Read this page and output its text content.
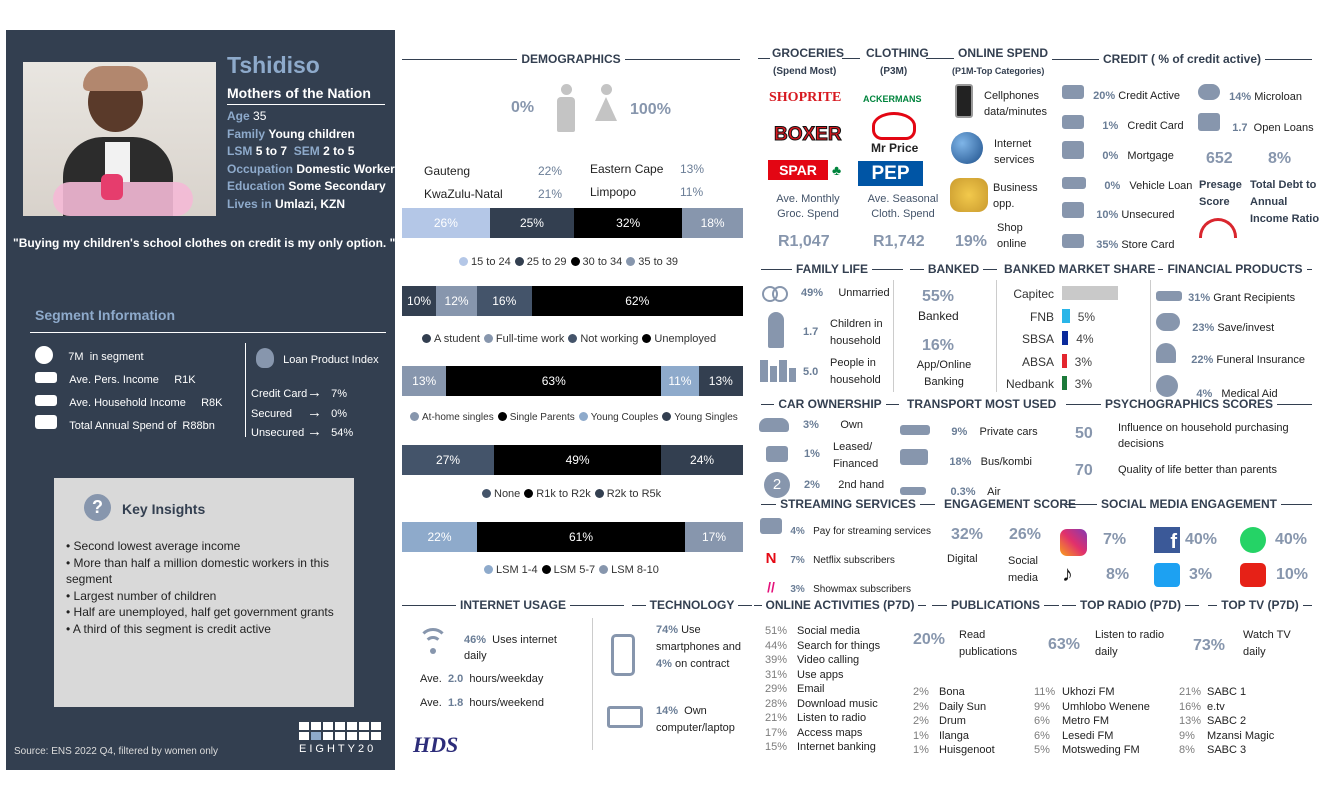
Tshidiso
Mothers of the Nation
Age 35
Family Young children
LSM 5 to 7 SEM 2 to 5
Occupation Domestic Worker
Education Some Secondary
Lives in Umlazi, KZN
"Buying my children's school clothes on credit is my only option. "
Segment Information
7M in segment
Ave. Pers. Income R1K
Ave. Household Income R8K
Total Annual Spend of R88bn
Loan Product Index
Credit Card→ 7%
Secured → 0%
Unsecured → 54%
?	Key Insights
• Second lowest average income
• More than half a million domestic workers in this segment
• Largest number of children
• Half are unemployed, half get government grants
• A third of this segment is credit active
Source: ENS 2022 Q4, filtered by women only	EIGHTY20
DEMOGRAPHICS
0%	100%
Gauteng	22%
KwaZulu-Natal	21%
Eastern Cape 13%
Limpopo	11%
26%	25%	32%	18%
15 to 24 25 to 29 30 to 34 35 to 39
10%	12%	16%	62%
A student Full-time work Not working Unemployed
13%	63%	11%	13%
At-home singles Single Parents Young Couples Young Singles
27%	49%	24%
None R1k to R2k R2k to R5k
22%	61%	17%
LSM 1-4 LSM 5-7 LSM 8-10
GROCERIES
(Spend Most)
SHOPRITE
BOXER
SPAR	♣
Ave. Monthly Groc. Spend
R1,047
CLOTHING
(P3M)
ACKERMANS
Mr Price
PEP
Ave. Seasonal Cloth. Spend
R1,742
ONLINE SPEND
(P1M-Top Categories)
Cellphones data/minutes
Internet services
Business opp.
19%
Shop online
CREDIT ( % of credit active)
20% Credit Active
1% Credit Card
0% Mortgage
0% Vehicle Loan
10% Unsecured
35% Store Card
14% Microloan
1.7 Open Loans
652
Presage Score
8%
Total Debt to Annual Income Ratio
FAMILY LIFE
49% Unmarried
1.7
Children in household
5.0
People in household
BANKED
55%
Banked
16%
App/Online Banking
BANKED MARKET SHARE
Capitec
FNB 5%
SBSA 4%
ABSA 3%
Nedbank 3%
FINANCIAL PRODUCTS
31% Grant Recipients
23% Save/invest
22% Funeral Insurance
4% Medical Aid
CAR OWNERSHIP
3% Own
1%
Leased/ Financed
2	2% 2nd hand
TRANSPORT MOST USED
9% Private cars
18% Bus/kombi
0.3% Air
PSYCHOGRAPHICS SCORES
50 Influence on household purchasing decisions
70 Quality of life better than parents
STREAMING SERVICES
4% Pay for streaming services
N 7% Netflix subscribers
// 3% Showmax subscribers
ENGAGEMENT SCORE
32%
Digital
26%
Social media
SOCIAL MEDIA ENGAGEMENT
7%	f 40%	40%
♪	8%	3%	10%
INTERNET USAGE
46% Uses internet daily
Ave. 2.0 hours/weekday
Ave. 1.8 hours/weekend
HDS
TECHNOLOGY
74% Use smartphones and 4% on contract
14% Own computer/laptop
ONLINE ACTIVITIES (P7D)
51% Social media
44% Search for things
39% Video calling
31% Use apps
29% Email
28% Download music
21% Listen to radio
17% Access maps
15% Internet banking
PUBLICATIONS
20% Read publications
2% Bona
2% Daily Sun
2% Drum
1% Ilanga
1% Huisgenoot
TOP RADIO (P7D)
63%
Listen to radio daily
11% Ukhozi FM
9% Umhlobo Wenene
6% Metro FM
6% Lesedi FM
5% Motsweding FM
TOP TV (P7D)
73%
Watch TV daily
21% SABC 1
16% e.tv
13% SABC 2
9% Mzansi Magic
8% SABC 3
